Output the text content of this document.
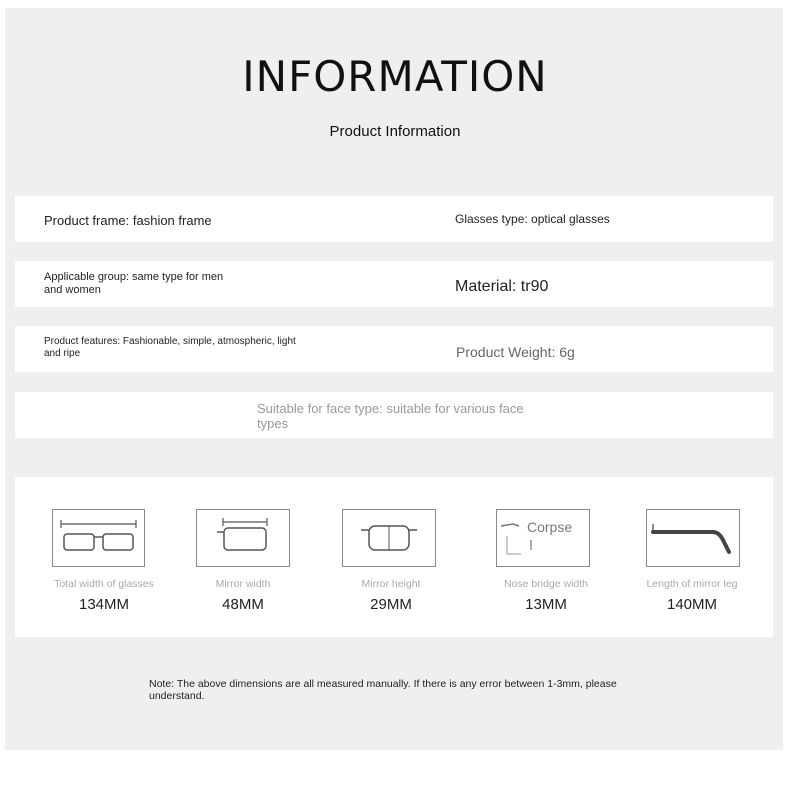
INFORMATION
Product Information
Product frame: fashion frame	Glasses type: optical glasses
Applicable group: same type for men and women	Material: tr90
Product features: Fashionable, simple, atmospheric, light and ripe	Product Weight: 6g
Suitable for face type: suitable for various face types
Total width of glasses
134MM
Mirror width
48MM
Mirror height
29MM
Corpse
Nose bridge width
13MM
Length of mirror leg
140MM
Note: The above dimensions are all measured manually. If there is any error between 1-3mm, please understand.
